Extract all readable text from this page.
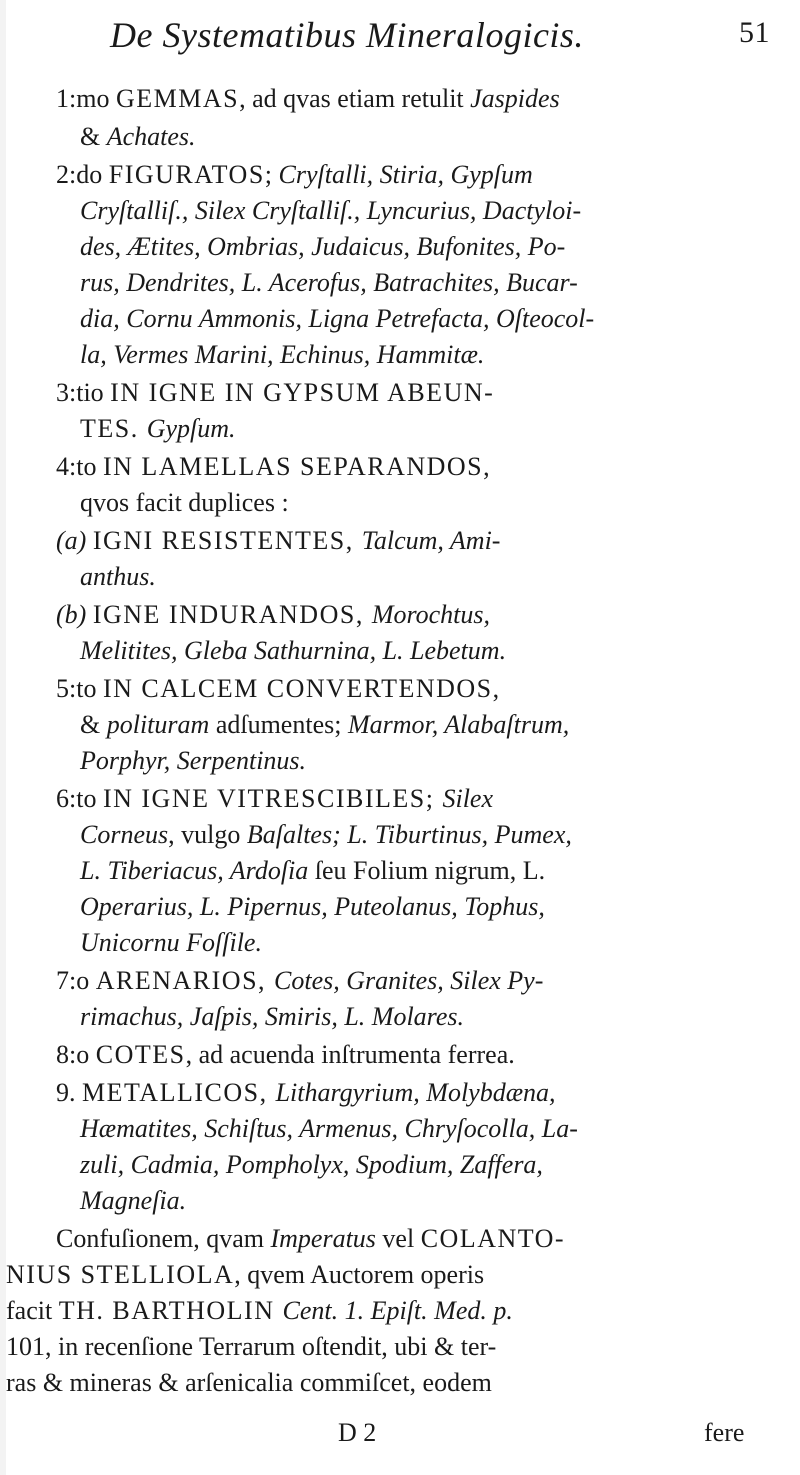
De Systematibus Mineralogicis.	51
1:mo GEMMAS, ad qvas etiam retulit Jaspides
& Achates.
2:do FIGURATOS; Cryſtalli, Stiria, Gypſum
Cryſtalliſ., Silex Cryſtalliſ., Lyncurius, Dactyloi-
des, Ætites, Ombrias, Judaicus, Bufonites, Po-
rus, Dendrites, L. Acerofus, Batrachites, Bucar-
dia, Cornu Ammonis, Ligna Petrefacta, Oſteocol-
la, Vermes Marini, Echinus, Hammitæ.
3:tio IN IGNE IN GYPSUM ABEUN-
TES. Gypſum.
4:to IN LAMELLAS SEPARANDOS,
qvos facit duplices :
(a) IGNI RESISTENTES, Talcum, Ami-
anthus.
(b) IGNE INDURANDOS, Morochtus,
Melitites, Gleba Sathurnina, L. Lebetum.
5:to IN CALCEM CONVERTENDOS,
& polituram adſumentes; Marmor, Alabaſtrum,
Porphyr, Serpentinus.
6:to IN IGNE VITRESCIBILES; Silex
Corneus, vulgo Baſaltes; L. Tiburtinus, Pumex,
L. Tiberiacus, Ardoſia ſeu Folium nigrum, L.
Operarius, L. Pipernus, Puteolanus, Tophus,
Unicornu Foſſile.
7:o ARENARIOS, Cotes, Granites, Silex Py-
rimachus, Jaſpis, Smiris, L. Molares.
8:o COTES, ad acuenda inſtrumenta ferrea.
9. METALLICOS, Lithargyrium, Molybdæna,
Hæmatites, Schiſtus, Armenus, Chryſocolla, La-
zuli, Cadmia, Pompholyx, Spodium, Zaffera,
Magneſia.
Confuſionem, qvam Imperatus vel COLANTO-
NIUS STELLIOLA, qvem Auctorem operis
facit TH. BARTHOLIN Cent. 1. Epiſt. Med. p.
101, in recenſione Terrarum oſtendit, ubi & ter-
ras & mineras & arſenicalia commiſcet, eodem
D 2	fere
